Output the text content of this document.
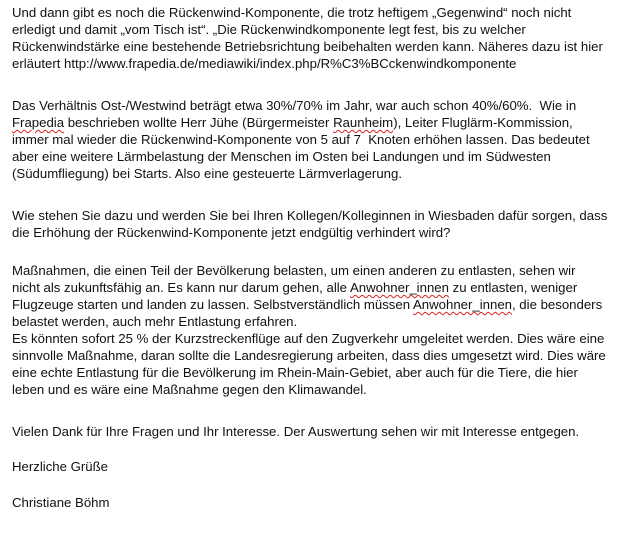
Und dann gibt es noch die Rückenwind-Komponente, die trotz heftigem „Gegenwind“ noch nicht
erledigt und damit „vom Tisch ist“. „Die Rückenwindkomponente legt fest, bis zu welcher
Rückenwindstärke eine bestehende Betriebsrichtung beibehalten werden kann. Näheres dazu ist hier
erläutert http://www.frapedia.de/mediawiki/index.php/R%C3%BCckenwindkomponente
Das Verhältnis Ost-/Westwind beträgt etwa 30%/70% im Jahr, war auch schon 40%/60%.  Wie in
Frapedia beschrieben wollte Herr Jühe (Bürgermeister Raunheim), Leiter Fluglärm-Kommission,
immer mal wieder die Rückenwind-Komponente von 5 auf 7  Knoten erhöhen lassen. Das bedeutet
aber eine weitere Lärmbelastung der Menschen im Osten bei Landungen und im Südwesten
(Südumfliegung) bei Starts. Also eine gesteuerte Lärmverlagerung.
Wie stehen Sie dazu und werden Sie bei Ihren Kollegen/Kolleginnen in Wiesbaden dafür sorgen, dass
die Erhöhung der Rückenwind-Komponente jetzt endgültig verhindert wird?
Maßnahmen, die einen Teil der Bevölkerung belasten, um einen anderen zu entlasten, sehen wir
nicht als zukunftsfähig an. Es kann nur darum gehen, alle Anwohner_innen zu entlasten, weniger
Flugzeuge starten und landen zu lassen. Selbstverständlich müssen Anwohner_innen, die besonders
belastet werden, auch mehr Entlastung erfahren.
Es könnten sofort 25 % der Kurzstreckenflüge auf den Zugverkehr umgeleitet werden. Dies wäre eine
sinnvolle Maßnahme, daran sollte die Landesregierung arbeiten, dass dies umgesetzt wird. Dies wäre
eine echte Entlastung für die Bevölkerung im Rhein-Main-Gebiet, aber auch für die Tiere, die hier
leben und es wäre eine Maßnahme gegen den Klimawandel.
Vielen Dank für Ihre Fragen und Ihr Interesse. Der Auswertung sehen wir mit Interesse entgegen.
Herzliche Grüße
Christiane Böhm
